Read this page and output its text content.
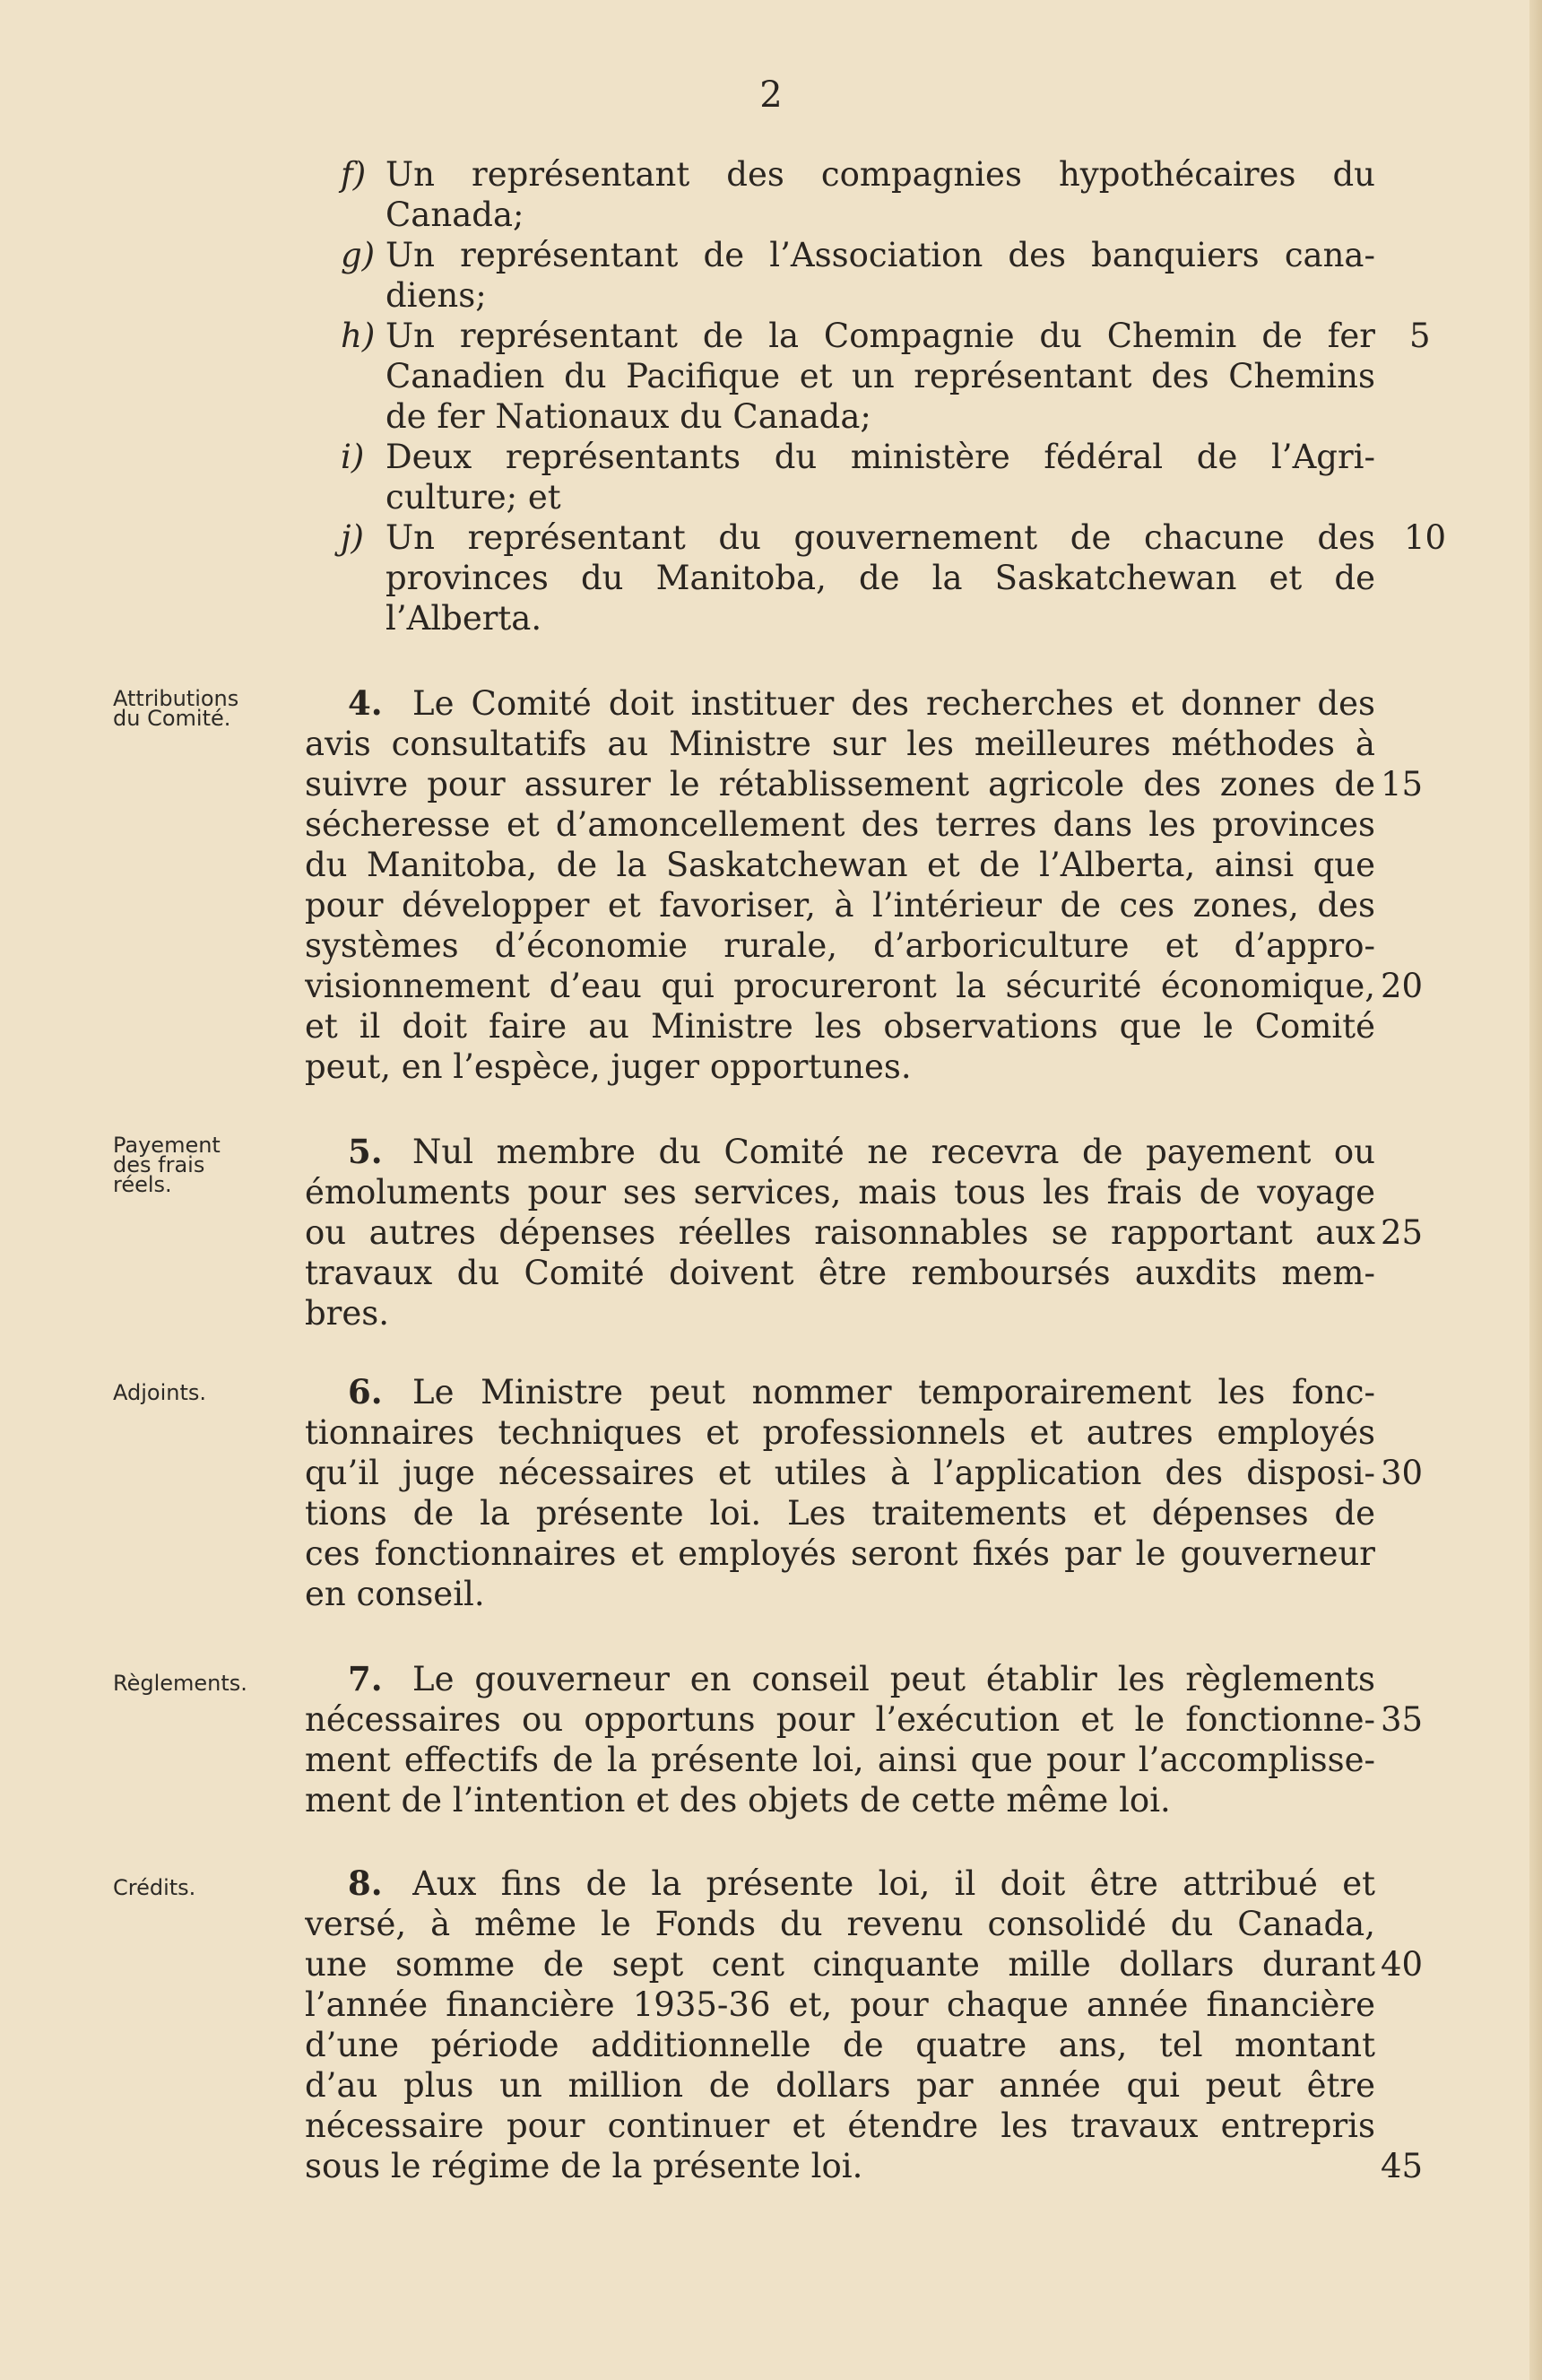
2
f) Un représentant des compagnies hypothécaires du
Canada;
g) Un représentant de l’Association des banquiers cana-
diens;
h) Un représentant de la Compagnie du Chemin de fer 5
Canadien du Pacifique et un représentant des Chemins
de fer Nationaux du Canada;
i) Deux représentants du ministère fédéral de l’Agri-
culture; et
j) Un représentant du gouvernement de chacune des 10
provinces du Manitoba, de la Saskatchewan et de
l’Alberta.
Attributions
du Comité.	4. Le Comité doit instituer des recherches et donner des
avis consultatifs au Ministre sur les meilleures méthodes à
suivre pour assurer le rétablissement agricole des zones de 15
sécheresse et d’amoncellement des terres dans les provinces
du Manitoba, de la Saskatchewan et de l’Alberta, ainsi que
pour développer et favoriser, à l’intérieur de ces zones, des
systèmes d’économie rurale, d’arboriculture et d’appro-
visionnement d’eau qui procureront la sécurité économique, 20
et il doit faire au Ministre les observations que le Comité
peut, en l’espèce, juger opportunes.
Payement
des frais
réels.
5. Nul membre du Comité ne recevra de payement ou
émoluments pour ses services, mais tous les frais de voyage
ou autres dépenses réelles raisonnables se rapportant aux 25
travaux du Comité doivent être remboursés auxdits mem-
bres.
Adjoints.	6. Le Ministre peut nommer temporairement les fonc-
tionnaires techniques et professionnels et autres employés
qu’il juge nécessaires et utiles à l’application des disposi- 30
tions de la présente loi. Les traitements et dépenses de
ces fonctionnaires et employés seront fixés par le gouverneur
en conseil.
Règlements.	7. Le gouverneur en conseil peut établir les règlements
nécessaires ou opportuns pour l’exécution et le fonctionne- 35
ment effectifs de la présente loi, ainsi que pour l’accomplisse-
ment de l’intention et des objets de cette même loi.
Crédits.	8. Aux fins de la présente loi, il doit être attribué et
versé, à même le Fonds du revenu consolidé du Canada,
une somme de sept cent cinquante mille dollars durant 40
l’année financière 1935-36 et, pour chaque année financière
d’une période additionnelle de quatre ans, tel montant
d’au plus un million de dollars par année qui peut être
nécessaire pour continuer et étendre les travaux entrepris
sous le régime de la présente loi.	45
